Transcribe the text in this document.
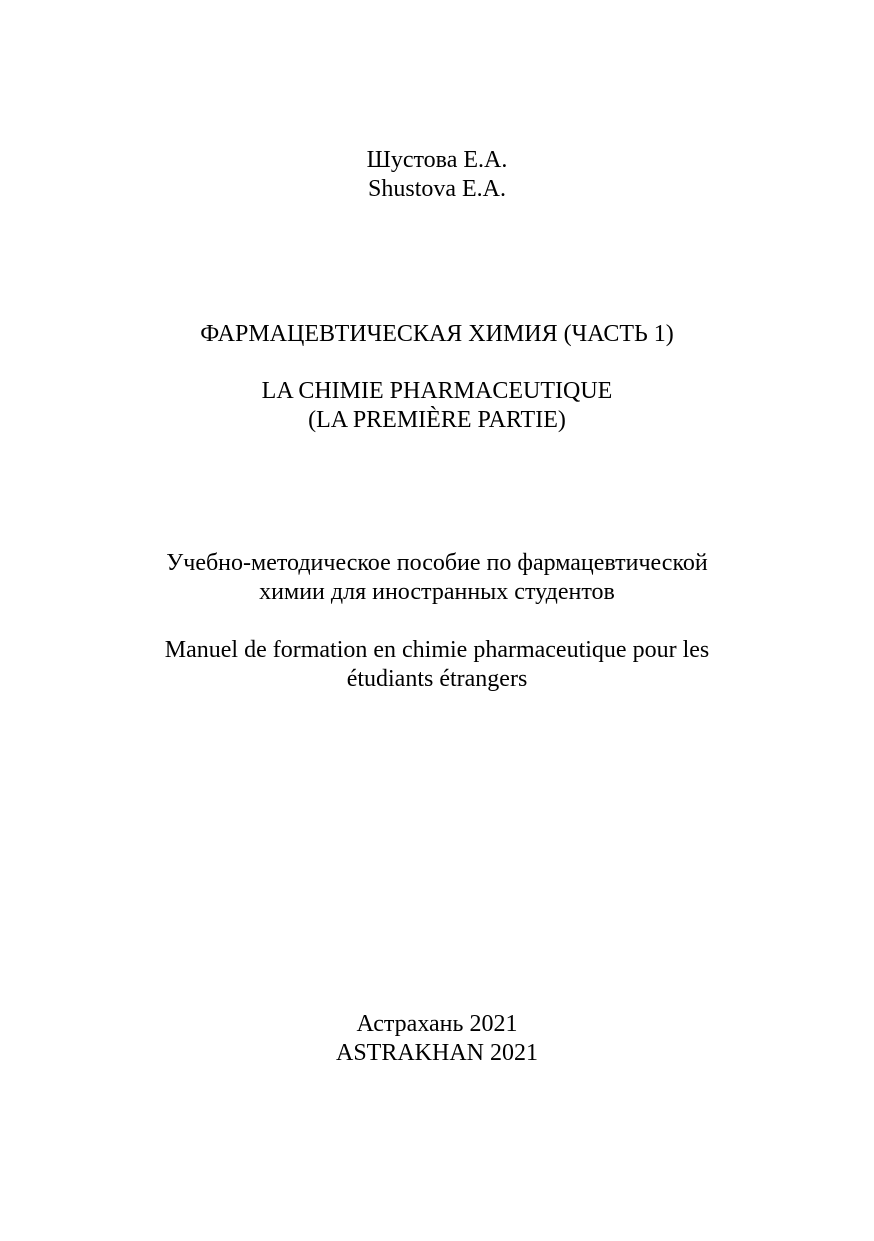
Шустова Е.А.
Shustova E.A.
ФАРМАЦЕВТИЧЕСКАЯ ХИМИЯ (ЧАСТЬ 1)
LA CHIMIE PHARMACEUTIQUE
(LA PREMIÈRE PARTIE)
Учебно-методическое пособие по фармацевтической
химии для иностранных студентов
Manuel de formation en chimie pharmaceutique pour les
étudiants étrangers
Астрахань 2021
ASTRAKHAN 2021
